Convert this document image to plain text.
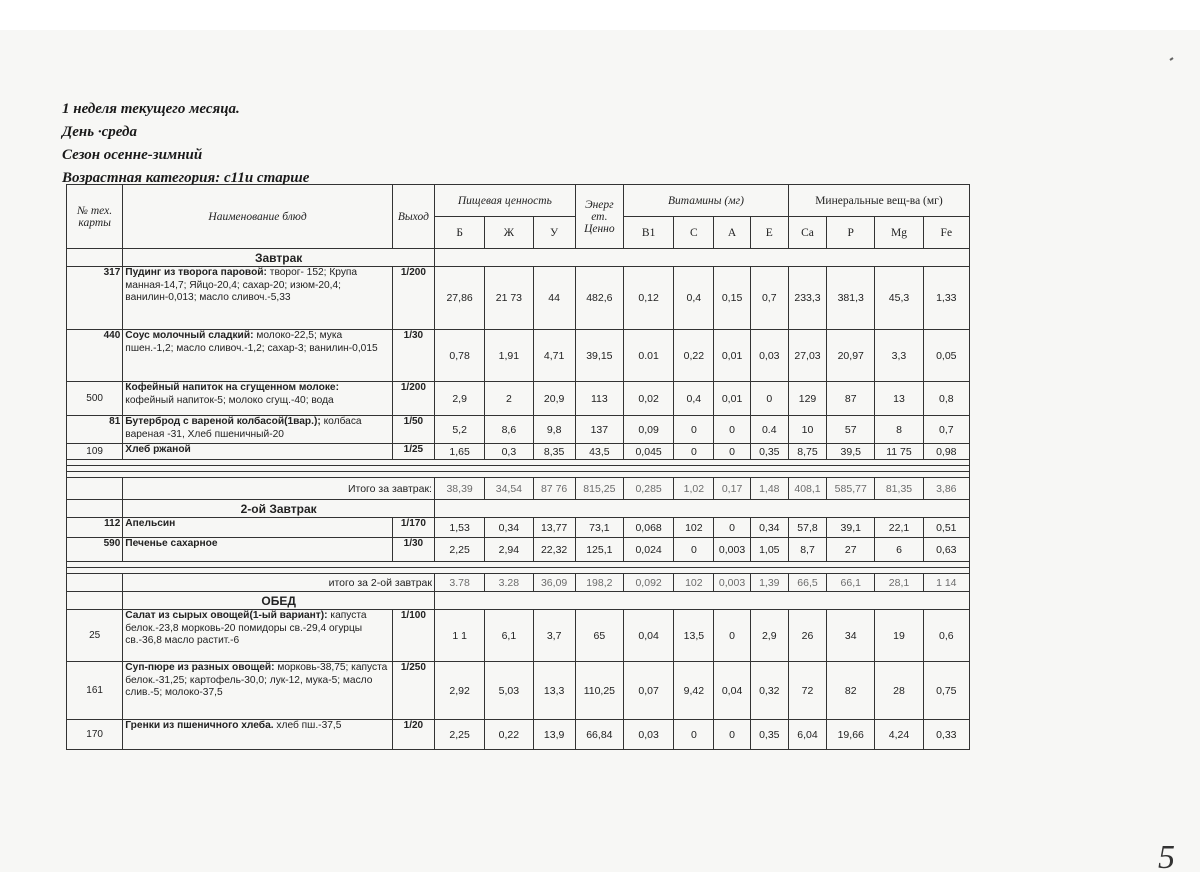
1 неделя текущего месяца.
День ·среда
Сезон осенне-зимний
Возрастная категория: с11и старше
№ тех. карты	Наименование блюд	Выход	Пищевая ценность			Энерг ет. Ценно	Витамины (мг)				Минеральные вещ-ва (мг)			
			Б	Ж	У		В1	С	А	Е	Ca	P	Mg	Fe
	Завтрак													
317	Пудинг из творога паровой: творог- 152; Крупа манная-14,7; Яйцо-20,4; сахар-20; изюм-20,4; ванилин-0,013; масло сливоч.-5,33	1/200	27,86	21 73	44	482,6	0,12	0,4	0,15	0,7	233,3	381,3	45,3	1,33
440	Соус молочный сладкий: молоко-22,5; мука пшен.-1,2; масло сливоч.-1,2; сахар-3; ванилин-0,015	1/30	0,78	1,91	4,71	39,15	0.01	0,22	0,01	0,03	27,03	20,97	3,3	0,05
500	Кофейный напиток на сгущенном молоке: кофейный напиток-5; молоко сгущ.-40; вода	1/200	2,9	2	20,9	113	0,02	0,4	0,01	0	129	87	13	0,8
81	Бутерброд с вареной колбасой(1вар.); колбаса вареная -31, Хлеб пшеничный-20	1/50	5,2	8,6	9,8	137	0,09	0	0	0.4	10	57	8	0,7
109	Хлеб ржаной	1/25	1,65	0,3	8,35	43,5	0,045	0	0	0,35	8,75	39,5	11 75	0,98

	Итого за завтрак:		38,39	34,54	87 76	815,25	0,285	1,02	0,17	1,48	408,1	585,77	81,35	3,86
	2-ой Завтрак													
112	Апельсин	1/170	1,53	0,34	13,77	73,1	0,068	102	0	0,34	57,8	39,1	22,1	0,51
590	Печенье сахарное	1/30	2,25	2,94	22,32	125,1	0,024	0	0,003	1,05	8,7	27	6	0,63

	итого за 2-ой завтрак		3.78	3.28	36,09	198,2	0,092	102	0,003	1,39	66,5	66,1	28,1	1 14
	ОБЕД													
25	Салат из сырых овощей(1-ый вариант): капуста белок.-23,8 морковь-20 помидоры св.-29,4 огурцы св.-36,8 масло растит.-6	1/100	1 1	6,1	3,7	65	0,04	13,5	0	2,9	26	34	19	0,6
161	Суп-пюре из разных овощей: морковь-38,75; капуста белок.-31,25; картофель-30,0; лук-12, мука-5; масло слив.-5; молоко-37,5	1/250	2,92	5,03	13,3	110,25	0,07	9,42	0,04	0,32	72	82	28	0,75
170	Гренки из пшеничного хлеба. хлеб пш.-37,5	1/20	2,25	0,22	13,9	66,84	0,03	0	0	0,35	6,04	19,66	4,24	0,33
5
